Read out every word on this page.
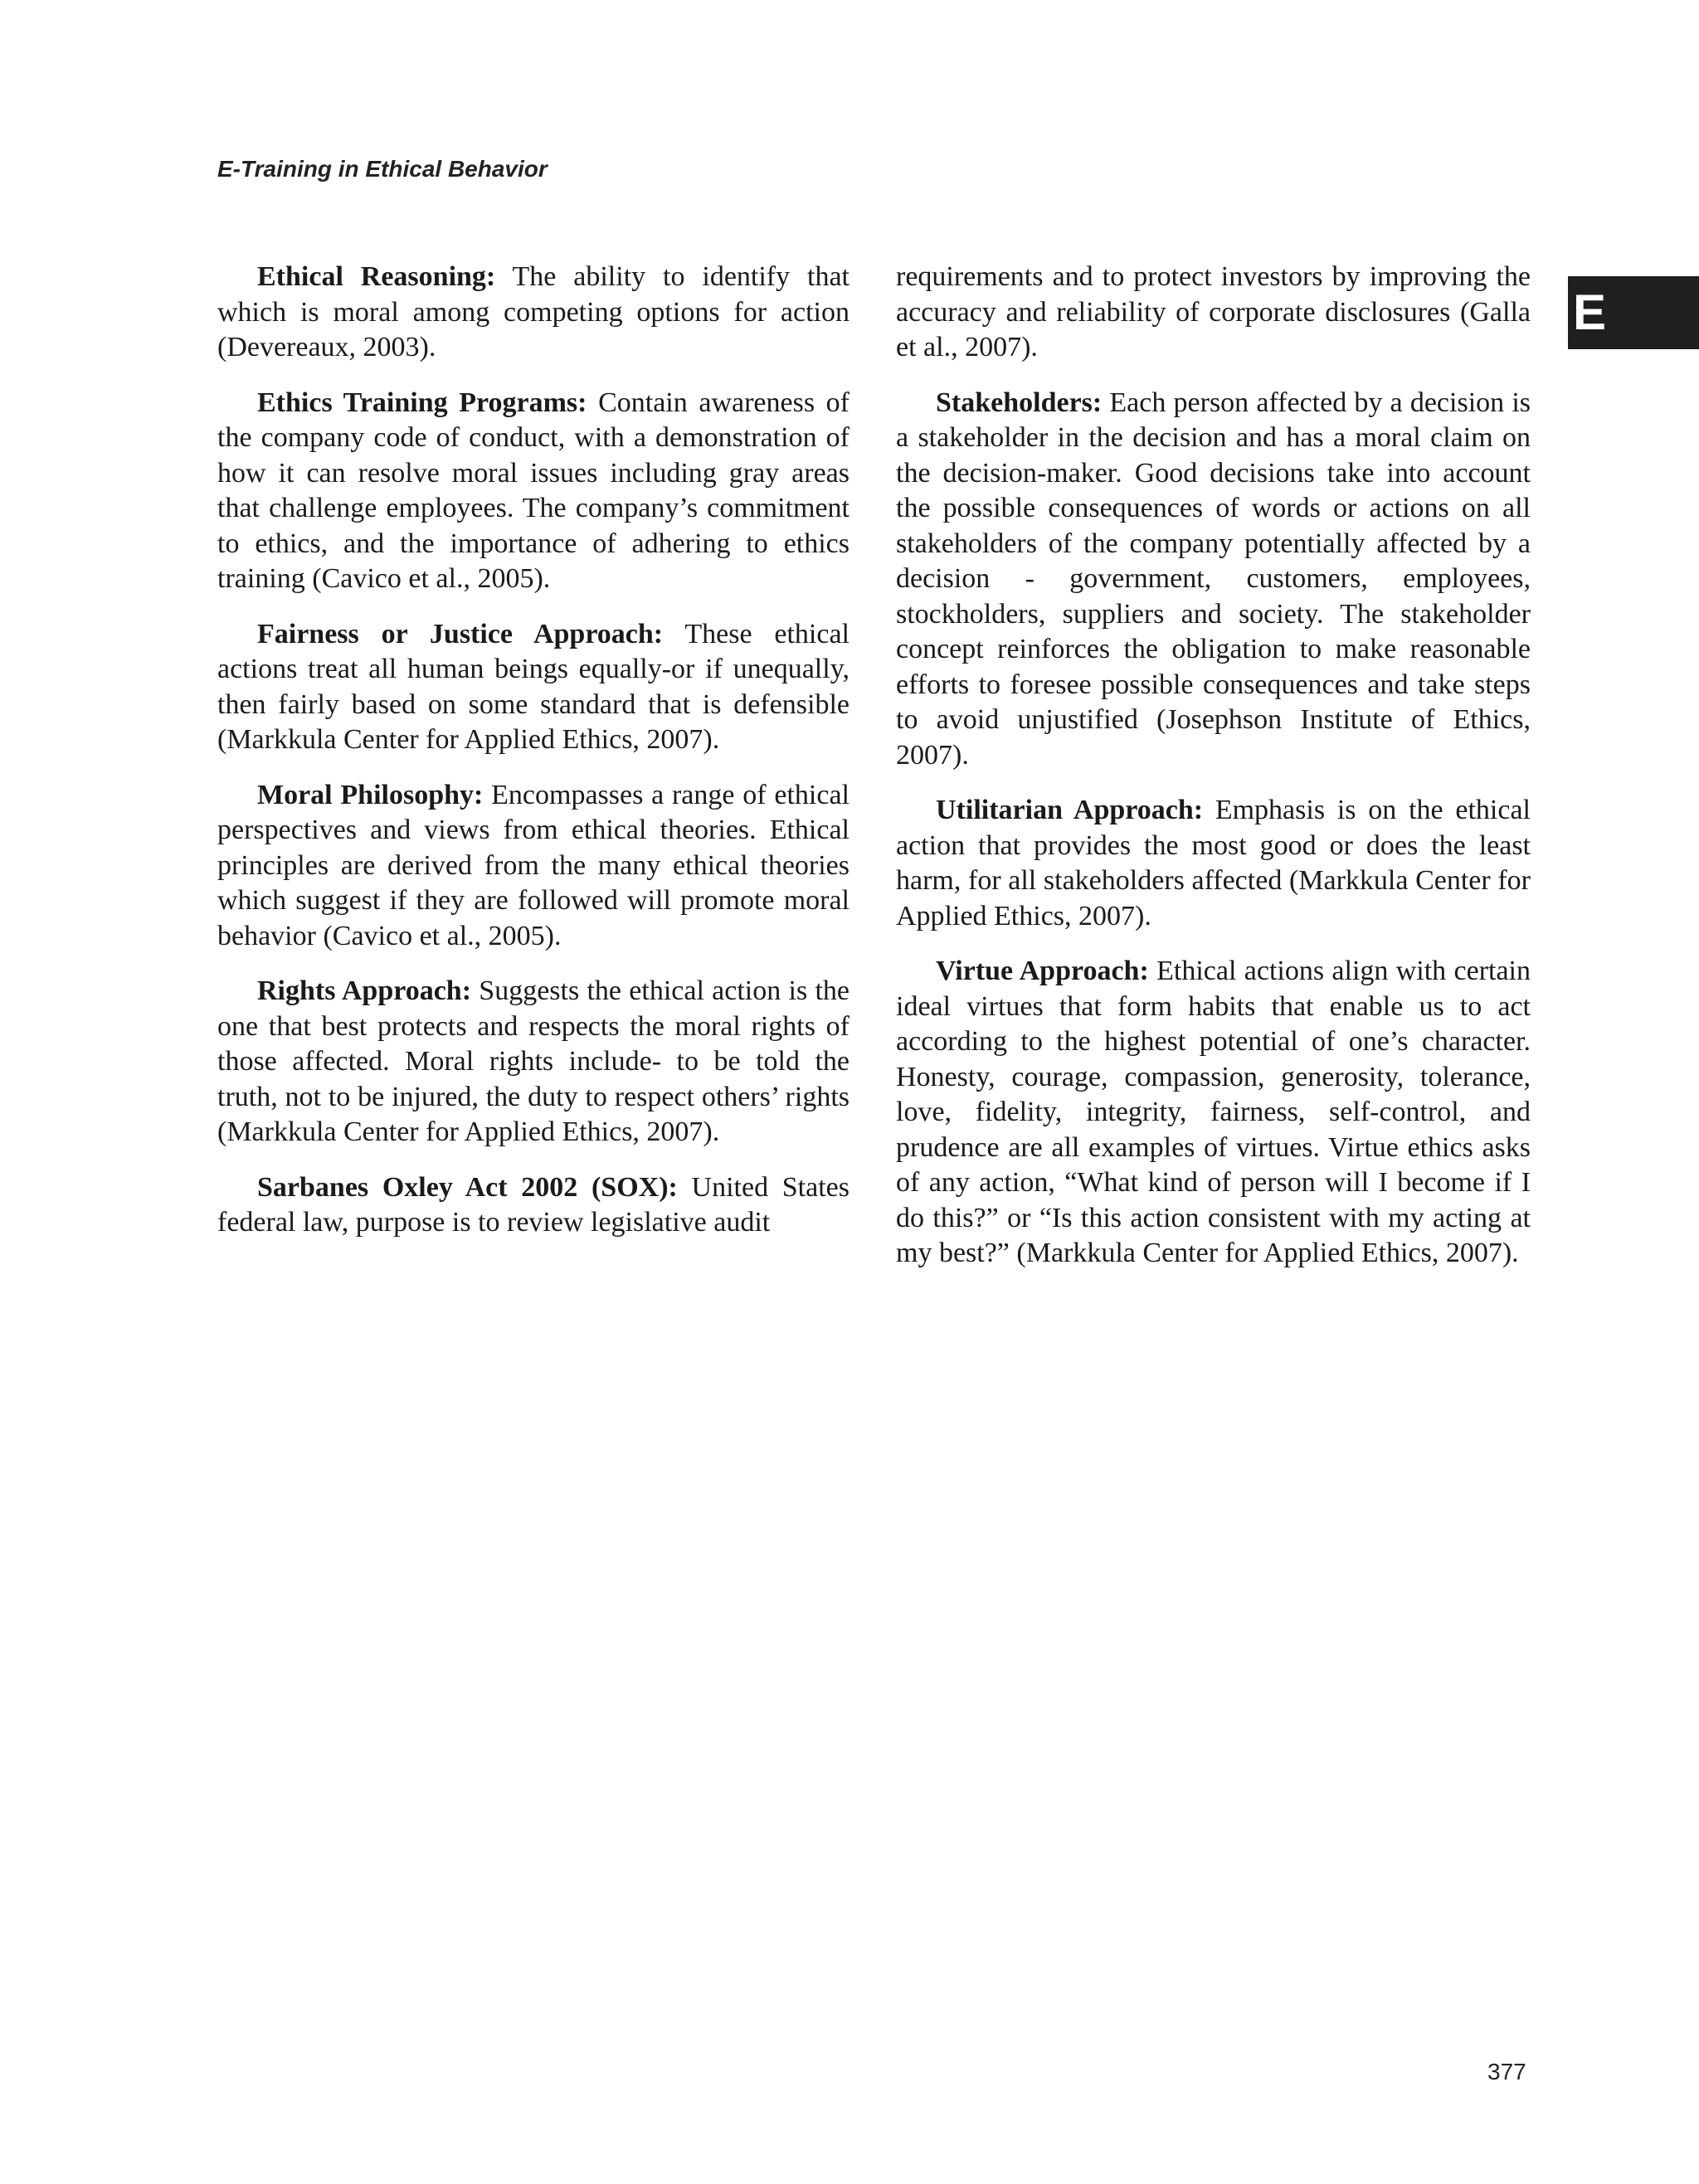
E-Training in Ethical Behavior
E

Ethical Reasoning: The ability to identify that which is moral among competing options for action (Devereaux, 2003).

Ethics Training Programs: Contain awareness of the company code of conduct, with a demonstration of how it can resolve moral issues including gray areas that challenge employees. The company’s commitment to ethics, and the importance of adhering to ethics training (Cavico et al., 2005).

Fairness or Justice Approach: These ethical actions treat all human beings equally-or if unequally, then fairly based on some standard that is defensible (Markkula Center for Applied Ethics, 2007).

Moral Philosophy: Encompasses a range of ethical perspectives and views from ethical theories. Ethical principles are derived from the many ethical theories which suggest if they are followed will promote moral behavior (Cavico et al., 2005).

Rights Approach: Suggests the ethical action is the one that best protects and respects the moral rights of those affected. Moral rights include- to be told the truth, not to be injured, the duty to respect others’ rights (Markkula Center for Applied Ethics, 2007).

Sarbanes Oxley Act 2002 (SOX): United States federal law, purpose is to review legislative audit

requirements and to protect investors by improving the accuracy and reliability of corporate disclosures (Galla et al., 2007).

Stakeholders: Each person affected by a decision is a stakeholder in the decision and has a moral claim on the decision-maker. Good decisions take into account the possible consequences of words or actions on all stakeholders of the company potentially affected by a decision - government, customers, employees, stockholders, suppliers and society. The stakeholder concept reinforces the obligation to make reasonable efforts to foresee possible consequences and take steps to avoid unjustified (Josephson Institute of Ethics, 2007).

Utilitarian Approach: Emphasis is on the ethical action that provides the most good or does the least harm, for all stakeholders affected (Markkula Center for Applied Ethics, 2007).

Virtue Approach: Ethical actions align with certain ideal virtues that form habits that enable us to act according to the highest potential of one’s character. Honesty, courage, compassion, generosity, tolerance, love, fidelity, integrity, fairness, self-control, and prudence are all examples of virtues. Virtue ethics asks of any action, “What kind of person will I become if I do this?” or “Is this action consistent with my acting at my best?” (Markkula Center for Applied Ethics, 2007).

377
